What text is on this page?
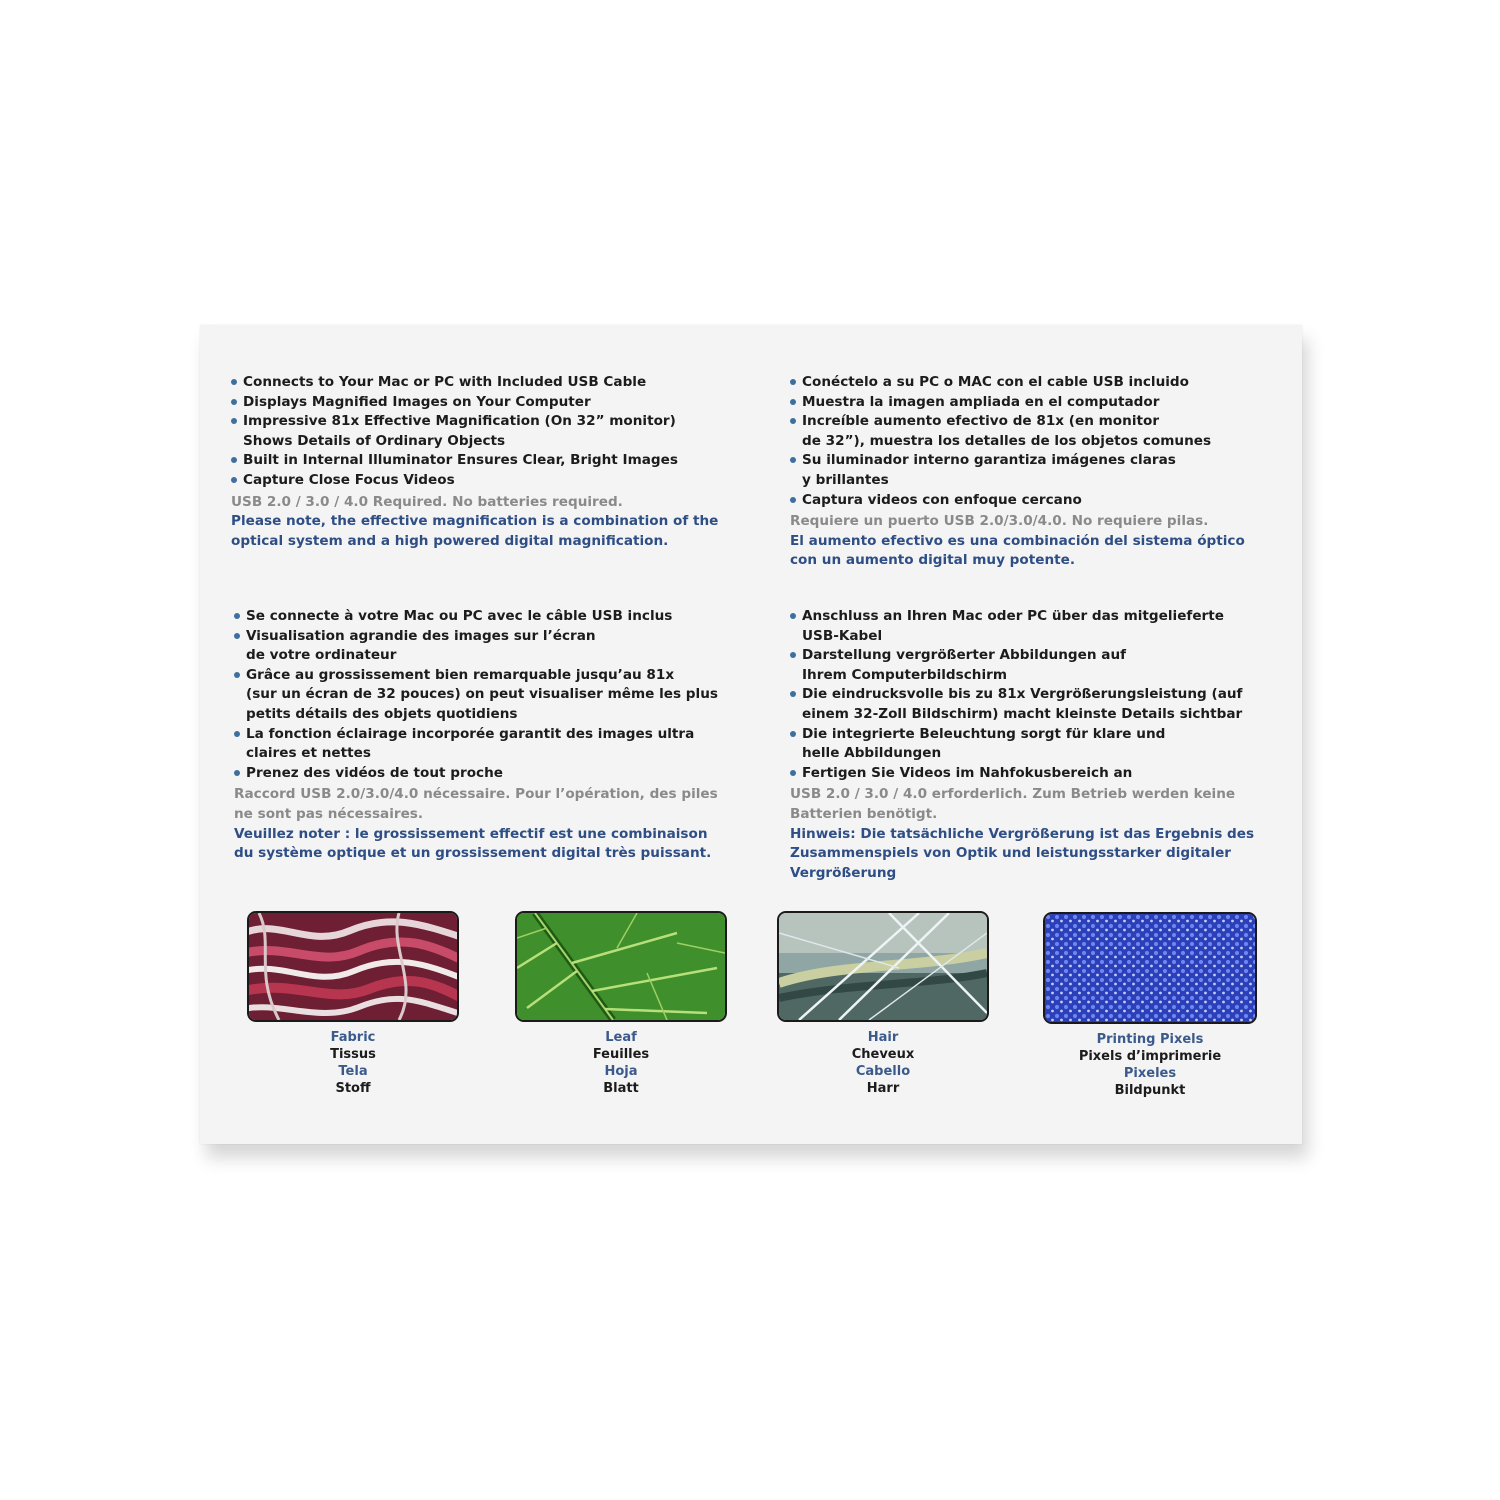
Connects to Your Mac or PC with Included USB Cable
Displays Magnified Images on Your Computer
Impressive 81x Effective Magnification (On 32” monitor)
Shows Details of Ordinary Objects
Built in Internal Illuminator Ensures Clear, Bright Images
Capture Close Focus Videos
USB 2.0 / 3.0 / 4.0 Required. No batteries required.
Please note, the effective magnification is a combination of the
optical system and a high powered digital magnification.
Conéctelo a su PC o MAC con el cable USB incluido
Muestra la imagen ampliada en el computador
Increíble aumento efectivo de 81x (en monitor
de 32”), muestra los detalles de los objetos comunes
Su iluminador interno garantiza imágenes claras
y brillantes
Captura videos con enfoque cercano
Requiere un puerto USB 2.0/3.0/4.0. No requiere pilas.
El aumento efectivo es una combinación del sistema óptico
con un aumento digital muy potente.
Se connecte à votre Mac ou PC avec le câble USB inclus
Visualisation agrandie des images sur l’écran
de votre ordinateur
Grâce au grossissement bien remarquable jusqu’au 81x
(sur un écran de 32 pouces) on peut visualiser même les plus
petits détails des objets quotidiens
La fonction éclairage incorporée garantit des images ultra
claires et nettes
Prenez des vidéos de tout proche
Raccord USB 2.0/3.0/4.0 nécessaire. Pour l’opération, des piles
ne sont pas nécessaires.
Veuillez noter : le grossissement effectif est une combinaison
du système optique et un grossissement digital très puissant.
Anschluss an Ihren Mac oder PC über das mitgelieferte
USB-Kabel
Darstellung vergrößerter Abbildungen auf
Ihrem Computerbildschirm
Die eindrucksvolle bis zu 81x Vergrößerungsleistung (auf
einem 32-Zoll Bildschirm) macht kleinste Details sichtbar
Die integrierte Beleuchtung sorgt für klare und
helle Abbildungen
Fertigen Sie Videos im Nahfokusbereich an
USB 2.0 / 3.0 / 4.0 erforderlich. Zum Betrieb werden keine
Batterien benötigt.
Hinweis: Die tatsächliche Vergrößerung ist das Ergebnis des
Zusammenspiels von Optik und leistungsstarker digitaler
Vergrößerung
Fabric
Tissus
Tela
Stoff
Leaf
Feuilles
Hoja
Blatt
Hair
Cheveux
Cabello
Harr
Printing Pixels
Pixels d’imprimerie
Pixeles
Bildpunkt
